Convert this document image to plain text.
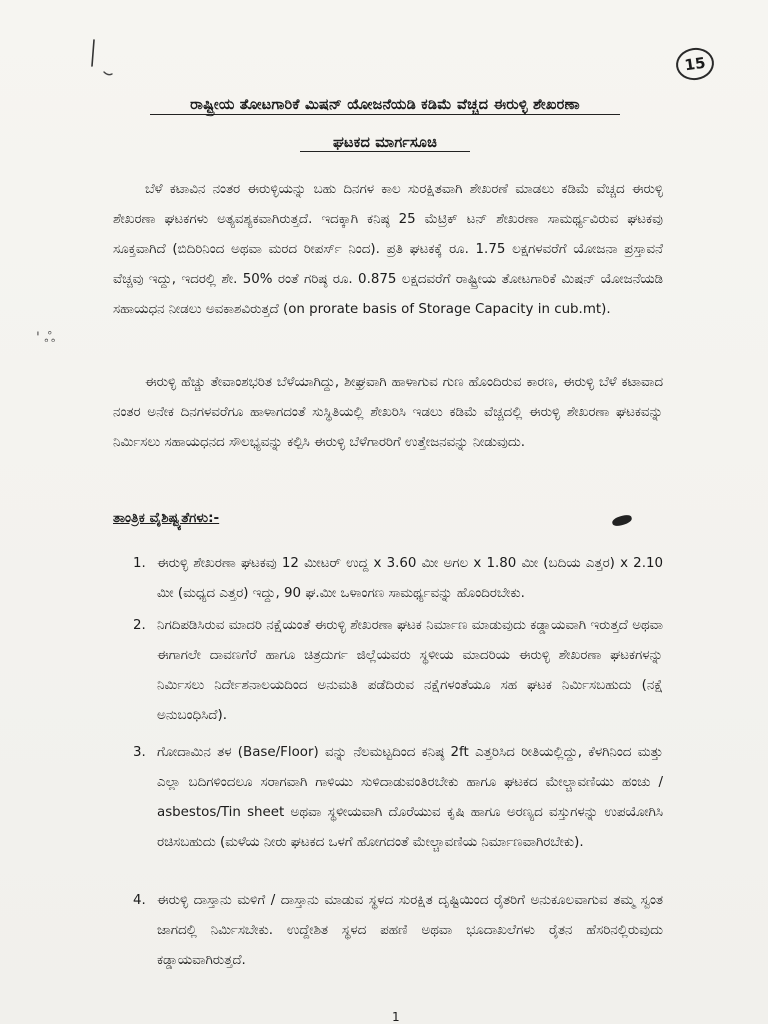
15
' ஃ
ರಾಷ್ಟ್ರೀಯ ತೋಟಗಾರಿಕೆ ಮಿಷನ್ ಯೋಜನೆಯಡಿ ಕಡಿಮೆ ವೆಚ್ಚದ ಈರುಳ್ಳಿ ಶೇಖರಣಾ
ಘಟಕದ ಮಾರ್ಗಸೂಚಿ
ಬೆಳೆ ಕಟಾವಿನ ನಂತರ ಈರುಳ್ಳಿಯನ್ನು ಬಹು ದಿನಗಳ ಕಾಲ ಸುರಕ್ಷಿತವಾಗಿ ಶೇಖರಣೆ ಮಾಡಲು ಕಡಿಮೆ ವೆಚ್ಚದ ಈರುಳ್ಳಿ ಶೇಖರಣಾ ಘಟಕಗಳು ಅತ್ಯವಶ್ಯಕವಾಗಿರುತ್ತದೆ. ಇದಕ್ಕಾಗಿ ಕನಿಷ್ಠ 25 ಮೆಟ್ರಿಕ್ ಟನ್ ಶೇಖರಣಾ ಸಾಮರ್ಥ್ಯವಿರುವ ಘಟಕವು ಸೂಕ್ತವಾಗಿದೆ (ಬಿದಿರಿನಿಂದ ಅಥವಾ ಮರದ ರೀಪರ್ಸ್ ನಿಂದ). ಪ್ರತಿ ಘಟಕಕ್ಕೆ ರೂ. 1.75 ಲಕ್ಷಗಳವರೆಗೆ ಯೋಜನಾ ಪ್ರಸ್ತಾವನೆ ವೆಚ್ಚವು ಇದ್ದು, ಇದರಲ್ಲಿ ಶೇ. 50% ರಂತೆ ಗರಿಷ್ಠ ರೂ. 0.875 ಲಕ್ಷದವರೆಗೆ ರಾಷ್ಟ್ರೀಯ ತೋಟಗಾರಿಕೆ ಮಿಷನ್ ಯೋಜನೆಯಡಿ ಸಹಾಯಧನ ನೀಡಲು ಅವಕಾಶವಿರುತ್ತದೆ (on prorate basis of Storage Capacity in cub.mt).
ಈರುಳ್ಳಿ ಹೆಚ್ಚು ತೇವಾಂಶಭರಿತ ಬೆಳೆಯಾಗಿದ್ದು, ಶೀಘ್ರವಾಗಿ ಹಾಳಾಗುವ ಗುಣ ಹೊಂದಿರುವ ಕಾರಣ, ಈರುಳ್ಳಿ ಬೆಳೆ ಕಟಾವಾದ ನಂತರ ಅನೇಕ ದಿನಗಳವರೆಗೂ ಹಾಳಾಗದಂತೆ ಸುಸ್ಥಿತಿಯಲ್ಲಿ ಶೇಖರಿಸಿ ಇಡಲು ಕಡಿಮೆ ವೆಚ್ಚದಲ್ಲಿ ಈರುಳ್ಳಿ ಶೇಖರಣಾ ಘಟಕವನ್ನು ನಿರ್ಮಿಸಲು ಸಹಾಯಧನದ ಸೌಲಭ್ಯವನ್ನು ಕಲ್ಪಿಸಿ ಈರುಳ್ಳಿ ಬೆಳೆಗಾರರಿಗೆ ಉತ್ತೇಜನವನ್ನು ನೀಡುವುದು.
ತಾಂತ್ರಿಕ ವೈಶಿಷ್ಟ್ಯತೆಗಳು:-
1. ಈರುಳ್ಳಿ ಶೇಖರಣಾ ಘಟಕವು 12 ಮೀಟರ್ ಉದ್ದ x 3.60 ಮೀ ಅಗಲ x 1.80 ಮೀ (ಬದಿಯ ಎತ್ತರ) x 2.10 ಮೀ (ಮಧ್ಯದ ಎತ್ತರ) ಇದ್ದು, 90 ಘ.ಮೀ ಒಳಾಂಗಣ ಸಾಮರ್ಥ್ಯವನ್ನು ಹೊಂದಿರಬೇಕು.
2. ನಿಗದಿಪಡಿಸಿರುವ ಮಾದರಿ ನಕ್ಷೆಯಂತೆ ಈರುಳ್ಳಿ ಶೇಖರಣಾ ಘಟಕ ನಿರ್ಮಾಣ ಮಾಡುವುದು ಕಡ್ಡಾಯವಾಗಿ ಇರುತ್ತದೆ ಅಥವಾ ಈಗಾಗಲೇ ದಾವಣಗೆರೆ ಹಾಗೂ ಚಿತ್ರದುರ್ಗ ಜಿಲ್ಲೆಯವರು ಸ್ಥಳೀಯ ಮಾದರಿಯ ಈರುಳ್ಳಿ ಶೇಖರಣಾ ಘಟಕಗಳನ್ನು ನಿರ್ಮಿಸಲು ನಿರ್ದೇಶನಾಲಯದಿಂದ ಅನುಮತಿ ಪಡೆದಿರುವ ನಕ್ಷೆಗಳಂತೆಯೂ ಸಹ ಘಟಕ ನಿರ್ಮಿಸಬಹುದು (ನಕ್ಷೆ ಅನುಬಂಧಿಸಿದೆ).
3. ಗೋದಾಮಿನ ತಳ (Base/Floor) ವನ್ನು ನೆಲಮಟ್ಟದಿಂದ ಕನಿಷ್ಠ 2ft ಎತ್ತರಿಸಿದ ರೀತಿಯಲ್ಲಿದ್ದು, ಕೆಳಗಿನಿಂದ ಮತ್ತು ಎಲ್ಲಾ ಬದಿಗಳಿಂದಲೂ ಸರಾಗವಾಗಿ ಗಾಳಿಯು ಸುಳಿದಾಡುವಂತಿರಬೇಕು ಹಾಗೂ ಘಟಕದ ಮೇಲ್ಚಾವಣಿಯು ಹಂಚು / asbestos/Tin sheet ಅಥವಾ ಸ್ಥಳೀಯವಾಗಿ ದೊರೆಯುವ ಕೃಷಿ ಹಾಗೂ ಅರಣ್ಯದ ವಸ್ತುಗಳನ್ನು ಉಪಯೋಗಿಸಿ ರಚಿಸಬಹುದು (ಮಳೆಯ ನೀರು ಘಟಕದ ಒಳಗೆ ಹೋಗದಂತೆ ಮೇಲ್ಚಾವಣಿಯ ನಿರ್ಮಾಣವಾಗಿರಬೇಕು).
4. ಈರುಳ್ಳಿ ದಾಸ್ತಾನು ಮಳಿಗೆ / ದಾಸ್ತಾನು ಮಾಡುವ ಸ್ಥಳದ ಸುರಕ್ಷಿತ ದೃಷ್ಟಿಯಿಂದ ರೈತರಿಗೆ ಅನುಕೂಲವಾಗುವ ತಮ್ಮ ಸ್ವಂತ ಜಾಗದಲ್ಲಿ ನಿರ್ಮಿಸಬೇಕು. ಉದ್ದೇಶಿತ ಸ್ಥಳದ ಪಹಣಿ ಅಥವಾ ಭೂದಾಖಲೆಗಳು ರೈತನ ಹೆಸರಿನಲ್ಲಿರುವುದು ಕಡ್ಡಾಯವಾಗಿರುತ್ತದೆ.
1
